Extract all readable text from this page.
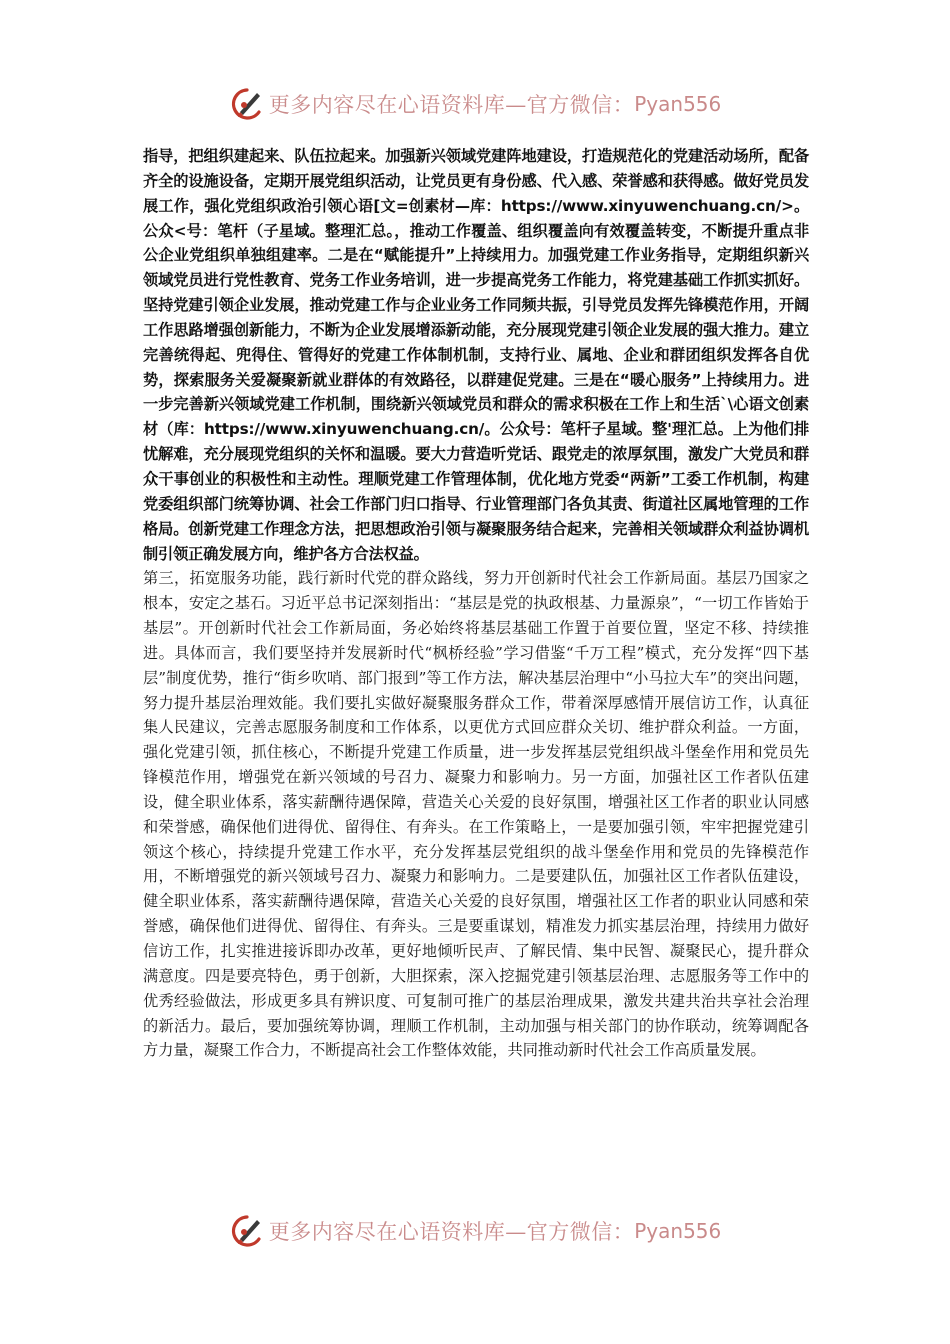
更多内容尽在心语资料库—官方微信： Pyan556

指导，把组织建起来、队伍拉起来。加强新兴领域党建阵地建设，打造规范化的党建活动场所，配备齐全的设施设备，定期开展党组织活动，让党员更有身份感、代入感、荣誉感和获得感。做好党员发展工作，强化党组织政治引领心语[文=创素材—库：https://www.xinyuwenchuang.cn/>。公众<号：笔杆（子星域。整理汇总。，推动工作覆盖、组织覆盖向有效覆盖转变，不断提升重点非公企业党组织单独组建率。二是在“赋能提升”上持续用力。加强党建工作业务指导，定期组织新兴领域党员进行党性教育、党务工作业务培训，进一步提高党务工作能力，将党建基础工作抓实抓好。坚持党建引领企业发展，推动党建工作与企业业务工作同频共振，引导党员发挥先锋模范作用，开阔工作思路增强创新能力，不断为企业发展增添新动能，充分展现党建引领企业发展的强大推力。建立完善统得起、兜得住、管得好的党建工作体制机制，支持行业、属地、企业和群团组织发挥各自优势，探索服务关爱凝聚新就业群体的有效路径，以群建促党建。三是在“暖心服务”上持续用力。进一步完善新兴领域党建工作机制，围绕新兴领域党员和群众的需求积极在工作上和生活`\心语文创素材（库：https://www.xinyuwenchuang.cn/。公众号：笔杆子星域。整'理汇总。上为他们排忧解难，充分展现党组织的关怀和温暖。要大力营造听党话、跟党走的浓厚氛围，激发广大党员和群众干事创业的积极性和主动性。理顺党建工作管理体制，优化地方党委“两新”工委工作机制，构建党委组织部门统筹协调、社会工作部门归口指导、行业管理部门各负其责、街道社区属地管理的工作格局。创新党建工作理念方法，把思想政治引领与凝聚服务结合起来，完善相关领域群众利益协调机制引领正确发展方向，维护各方合法权益。

第三，拓宽服务功能，践行新时代党的群众路线，努力开创新时代社会工作新局面。基层乃国家之根本，安定之基石。习近平总书记深刻指出：“基层是党的执政根基、力量源泉”，“一切工作皆始于基层”。开创新时代社会工作新局面，务必始终将基层基础工作置于首要位置，坚定不移、持续推进。具体而言，我们要坚持并发展新时代“枫桥经验”学习借鉴“千万工程”模式，充分发挥“四下基层”制度优势，推行“街乡吹哨、部门报到”等工作方法，解决基层治理中“小马拉大车”的突出问题，努力提升基层治理效能。我们要扎实做好凝聚服务群众工作，带着深厚感情开展信访工作，认真征集人民建议，完善志愿服务制度和工作体系，以更优方式回应群众关切、维护群众利益。一方面，强化党建引领，抓住核心，不断提升党建工作质量，进一步发挥基层党组织战斗堡垒作用和党员先锋模范作用，增强党在新兴领域的号召力、凝聚力和影响力。另一方面，加强社区工作者队伍建设，健全职业体系，落实薪酬待遇保障，营造关心关爱的良好氛围，增强社区工作者的职业认同感和荣誉感，确保他们进得优、留得住、有奔头。在工作策略上，一是要加强引领，牢牢把握党建引领这个核心，持续提升党建工作水平，充分发挥基层党组织的战斗堡垒作用和党员的先锋模范作用，不断增强党的新兴领域号召力、凝聚力和影响力。二是要建队伍，加强社区工作者队伍建设，健全职业体系，落实薪酬待遇保障，营造关心关爱的良好氛围，增强社区工作者的职业认同感和荣誉感，确保他们进得优、留得住、有奔头。三是要重谋划，精准发力抓实基层治理，持续用力做好信访工作，扎实推进接诉即办改革，更好地倾听民声、了解民情、集中民智、凝聚民心，提升群众满意度。四是要亮特色，勇于创新，大胆探索，深入挖掘党建引领基层治理、志愿服务等工作中的优秀经验做法，形成更多具有辨识度、可复制可推广的基层治理成果，激发共建共治共享社会治理的新活力。最后，要加强统筹协调，理顺工作机制，主动加强与相关部门的协作联动，统筹调配各方力量，凝聚工作合力，不断提高社会工作整体效能，共同推动新时代社会工作高质量发展。

更多内容尽在心语资料库—官方微信： Pyan556
